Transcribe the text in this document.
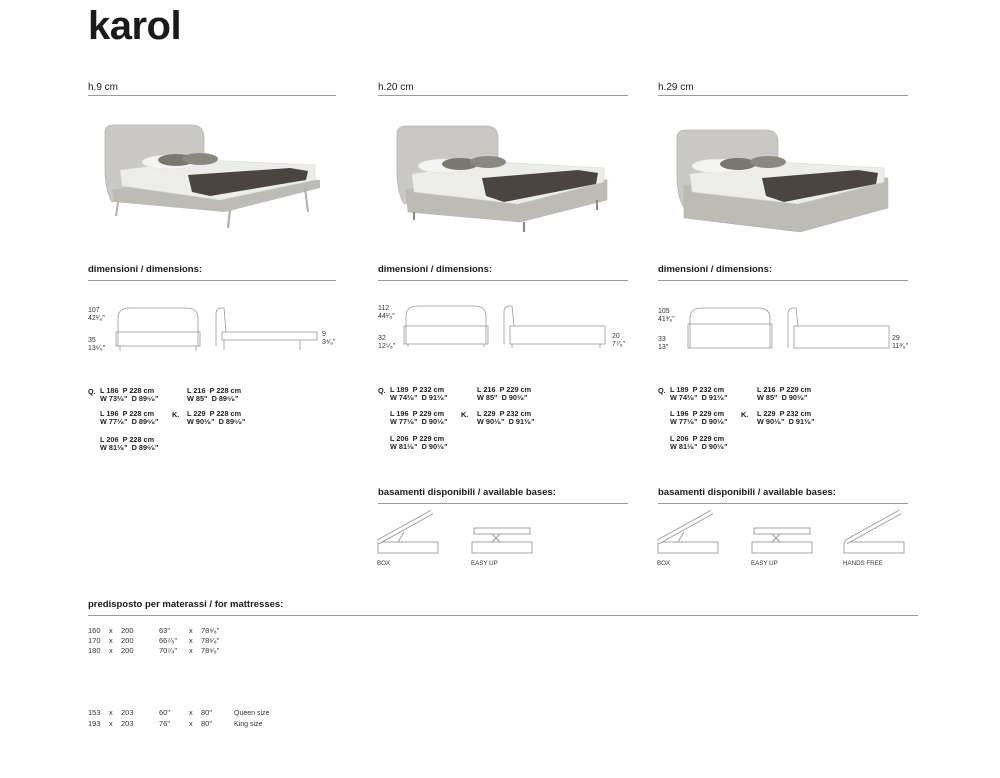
karol
h.9 cm
dimensioni / dimensions:
107
42¹⁄₈"
35
13⁶⁄₈"
9
3⁴⁄₈"
Q. L 186 P 228 cm
W 73²⁄₈" D 89⁶⁄₈"
L 196 P 228 cm
W 77¹⁄₈" D 89⁶⁄₈"
L 206 P 228 cm
W 81¹⁄₈" D 89⁶⁄₈"
L 216 P 228 cm
W 85" D 89⁶⁄₈"
K. L 229 P 228 cm
W 90¹⁄₈" D 89⁶⁄₈"
h.20 cm
dimensioni / dimensions:
112
44¹⁄₈"
32
12⁵⁄₈"
20
7⁷⁄₈"
Q. L 189 P 232 cm
W 74³⁄₈" D 91³⁄₈"
L 196 P 229 cm
W 77¹⁄₈" D 90¹⁄₈"
L 206 P 229 cm
W 81¹⁄₈" D 90¹⁄₈"
L 216 P 229 cm
W 85" D 90¹⁄₈"
K. L 229 P 232 cm
W 90¹⁄₈" D 91³⁄₈"
basamenti disponibili / available bases:
BOX	EASY UP
h.29 cm
dimensioni / dimensions:
105
41³⁄₈"
33
13"
29
11³⁄₈"
Q. L 189 P 232 cm
W 74³⁄₈" D 91³⁄₈"
L 196 P 229 cm
W 77¹⁄₈" D 90¹⁄₈"
L 206 P 229 cm
W 81¹⁄₈" D 90¹⁄₈"
L 216 P 229 cm
W 85" D 90¹⁄₈"
K. L 229 P 232 cm
W 90¹⁄₈" D 91³⁄₈"
basamenti disponibili / available bases:
BOX	EASY UP	HANDS FREE
predisposto per materassi / for mattresses:
160 x 200	63"	x 78⁶⁄₈"
170 x 200	66⁷⁄₈" x 78⁶⁄₈"
180 x 200	70⁷⁄₈" x 78⁶⁄₈"
153 x 203	60"	x 80"	Queen size
193 x 203	76"	x 80"	King size
